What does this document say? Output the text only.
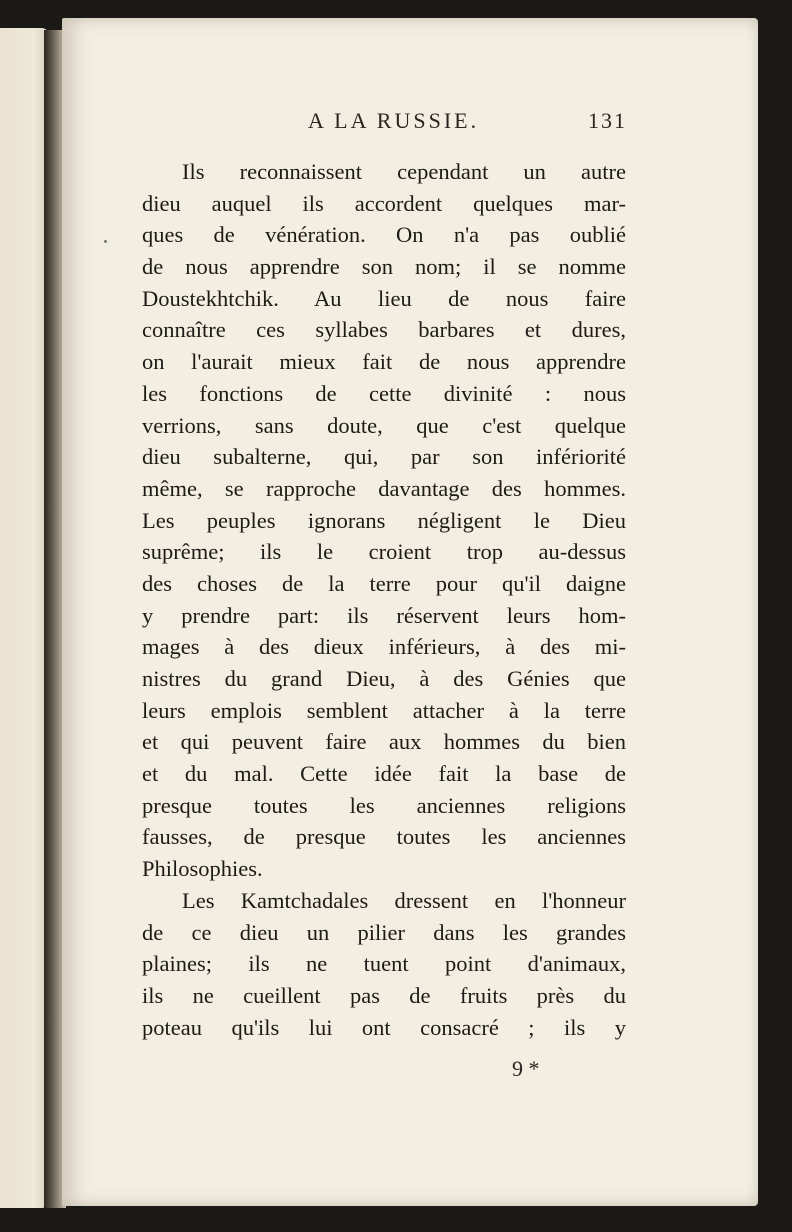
A LA RUSSIE.	131
Ils reconnaissent cependant un autre
dieu auquel ils accordent quelques mar-
ques de vénération. On n'a pas oublié
de nous apprendre son nom; il se nomme
Doustekhtchik. Au lieu de nous faire
connaître ces syllabes barbares et dures,
on l'aurait mieux fait de nous apprendre
les fonctions de cette divinité : nous
verrions, sans doute, que c'est quelque
dieu subalterne, qui, par son infériorité
même, se rapproche davantage des hommes.
Les peuples ignorans négligent le Dieu
suprême; ils le croient trop au-dessus
des choses de la terre pour qu'il daigne
y prendre part: ils réservent leurs hom-
mages à des dieux inférieurs, à des mi-
nistres du grand Dieu, à des Génies que
leurs emplois semblent attacher à la terre
et qui peuvent faire aux hommes du bien
et du mal. Cette idée fait la base de
presque toutes les anciennes religions
fausses, de presque toutes les anciennes
Philosophies.
Les Kamtchadales dressent en l'honneur
de ce dieu un pilier dans les grandes
plaines; ils ne tuent point d'animaux,
ils ne cueillent pas de fruits près du
poteau qu'ils lui ont consacré ; ils y
9 *
